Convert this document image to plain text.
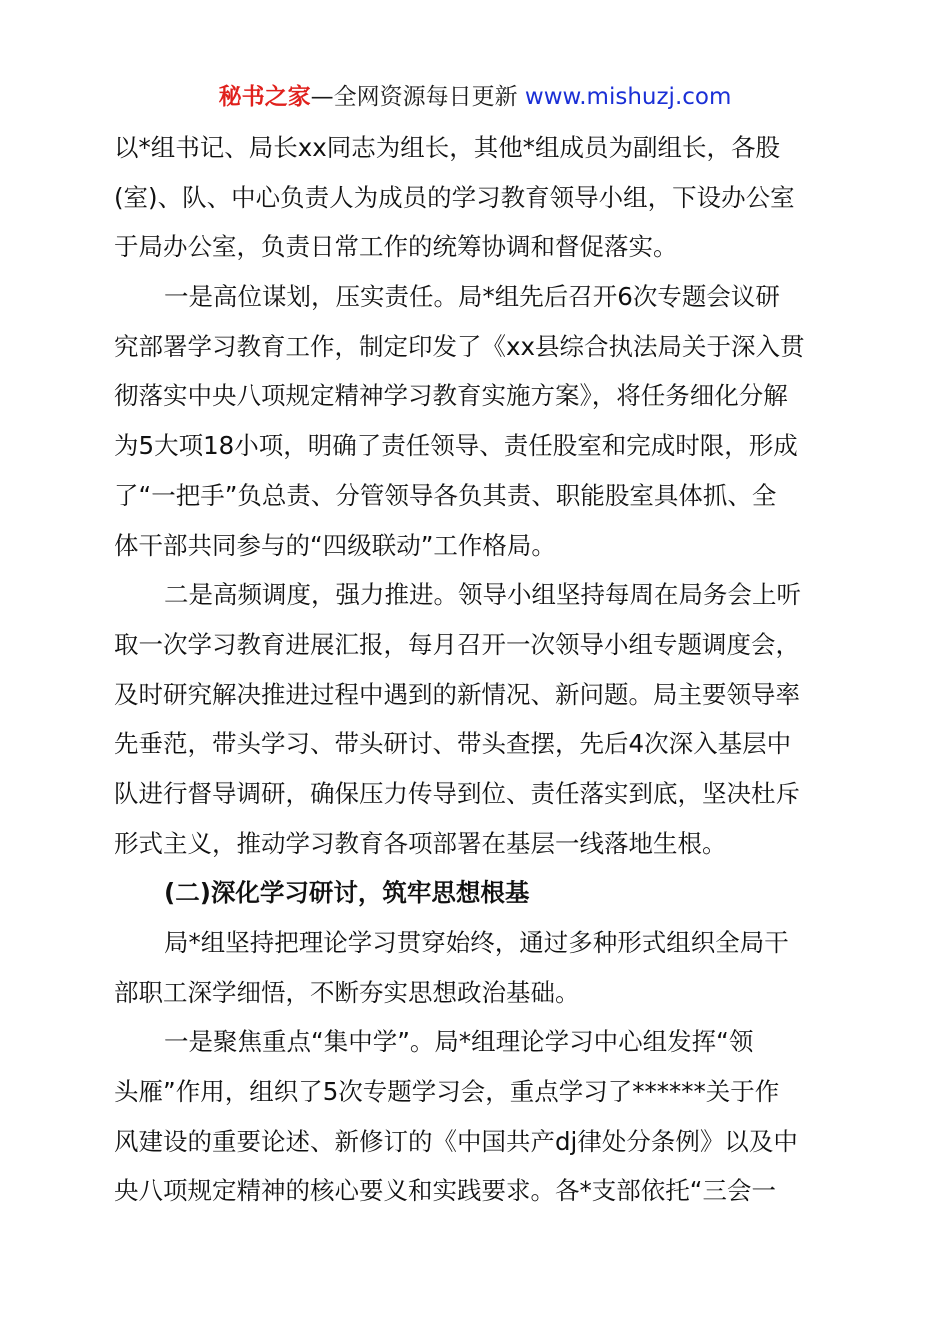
秘书之家—全网资源每日更新 www.mishuzj.com
以*组书记、局长xx同志为组长，其他*组成员为副组长，各股
(室)、队、中心负责人为成员的学习教育领导小组，下设办公室
于局办公室，负责日常工作的统筹协调和督促落实。
一是高位谋划，压实责任。局*组先后召开6次专题会议研
究部署学习教育工作，制定印发了《xx县综合执法局关于深入贯
彻落实中央八项规定精神学习教育实施方案》，将任务细化分解
为5大项18小项，明确了责任领导、责任股室和完成时限，形成
了“一把手”负总责、分管领导各负其责、职能股室具体抓、全
体干部共同参与的“四级联动”工作格局。
二是高频调度，强力推进。领导小组坚持每周在局务会上听
取一次学习教育进展汇报，每月召开一次领导小组专题调度会，
及时研究解决推进过程中遇到的新情况、新问题。局主要领导率
先垂范，带头学习、带头研讨、带头查摆，先后4次深入基层中
队进行督导调研，确保压力传导到位、责任落实到底，坚决杜斥
形式主义，推动学习教育各项部署在基层一线落地生根。
(二)深化学习研讨，筑牢思想根基
局*组坚持把理论学习贯穿始终，通过多种形式组织全局干
部职工深学细悟，不断夯实思想政治基础。
一是聚焦重点“集中学”。局*组理论学习中心组发挥“领
头雁”作用，组织了5次专题学习会，重点学习了******关于作
风建设的重要论述、新修订的《中国共产dj律处分条例》以及中
央八项规定精神的核心要义和实践要求。各*支部依托“三会一
